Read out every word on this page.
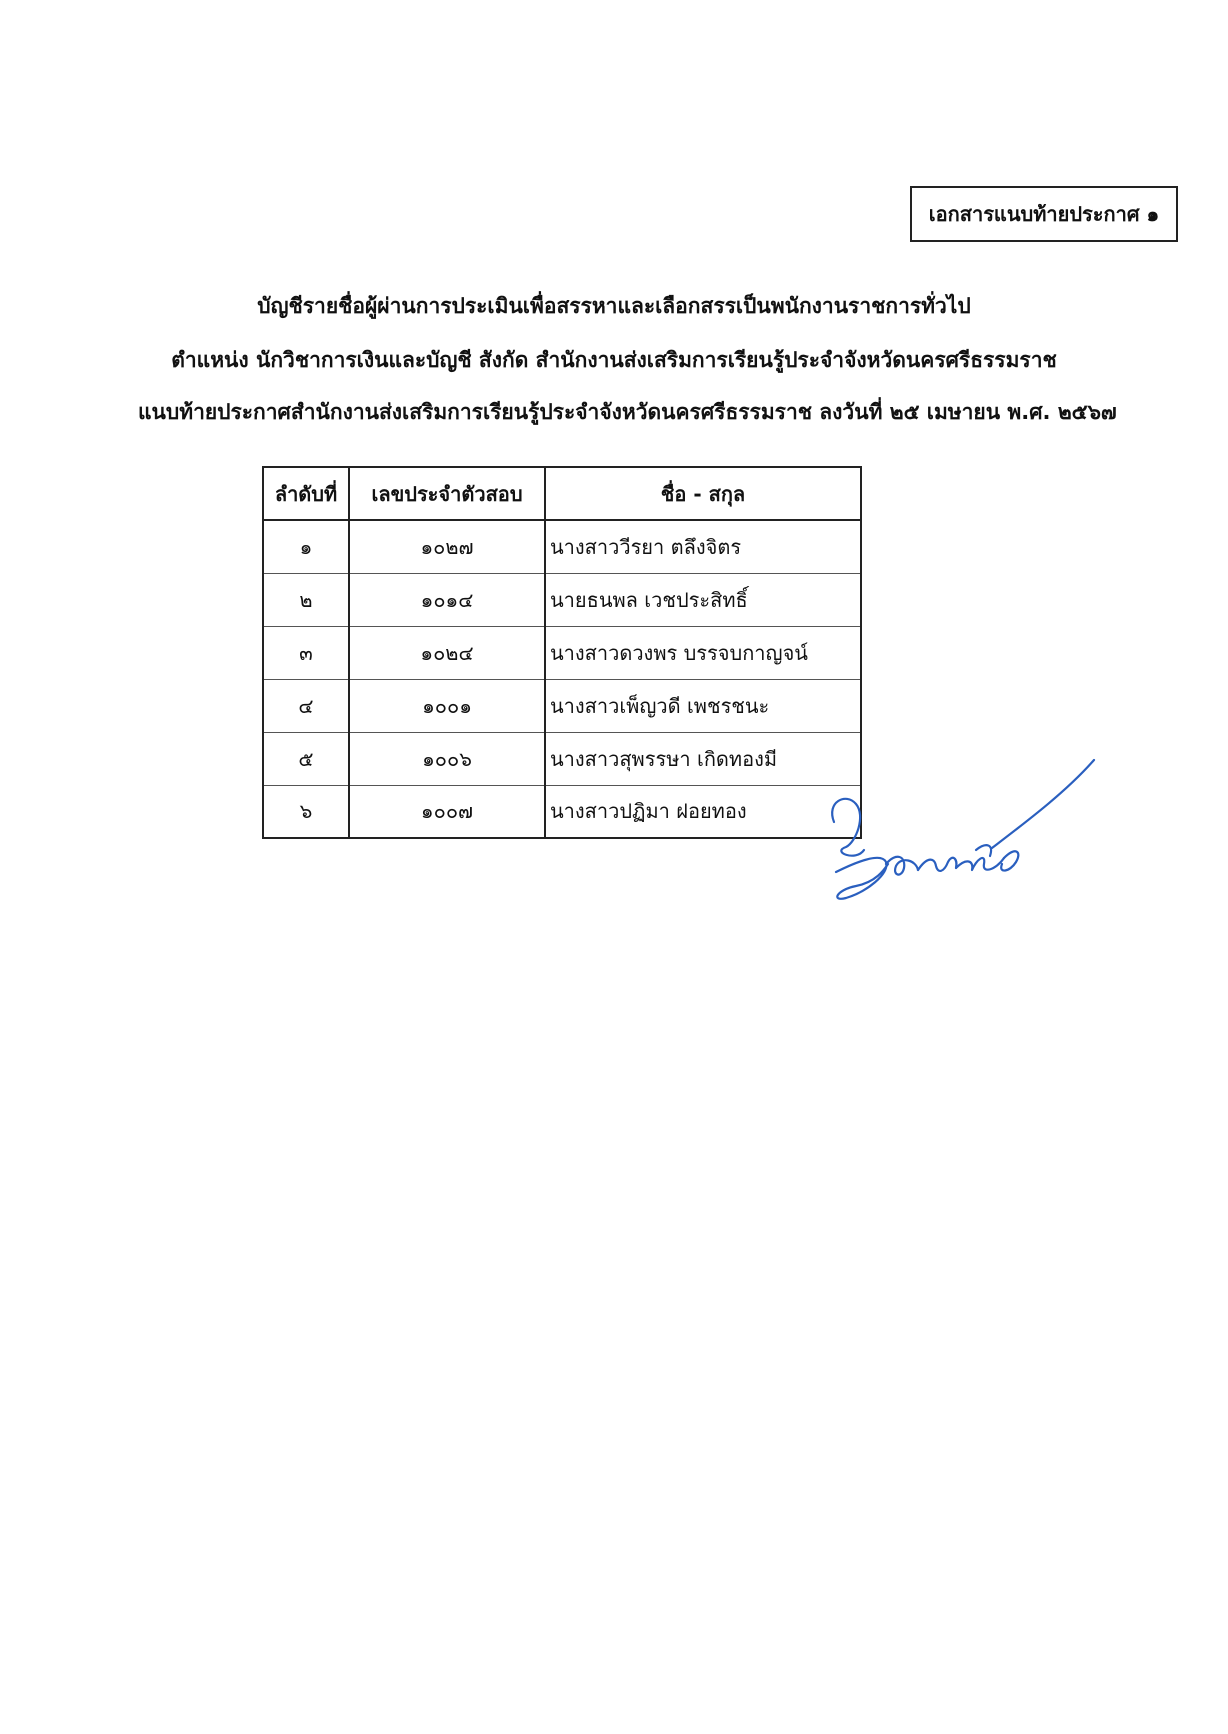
เอกสารแนบท้ายประกาศ ๑
บัญชีรายชื่อผู้ผ่านการประเมินเพื่อสรรหาและเลือกสรรเป็นพนักงานราชการทั่วไป
ตำแหน่ง นักวิชาการเงินและบัญชี สังกัด สำนักงานส่งเสริมการเรียนรู้ประจำจังหวัดนครศรีธรรมราช
แนบท้ายประกาศสำนักงานส่งเสริมการเรียนรู้ประจำจังหวัดนครศรีธรรมราช ลงวันที่ ๒๕ เมษายน พ.ศ. ๒๕๖๗
ลำดับที่	เลขประจำตัวสอบ	ชื่อ - สกุล
๑	๑๐๒๗	นางสาววีรยา ตลึงจิตร
๒	๑๐๑๔	นายธนพล เวชประสิทธิ์
๓	๑๐๒๔	นางสาวดวงพร บรรจบกาญจน์
๔	๑๐๐๑	นางสาวเพ็ญวดี เพชรชนะ
๕	๑๐๐๖	นางสาวสุพรรษา เกิดทองมี
๖	๑๐๐๗	นางสาวปฏิมา ฝอยทอง
